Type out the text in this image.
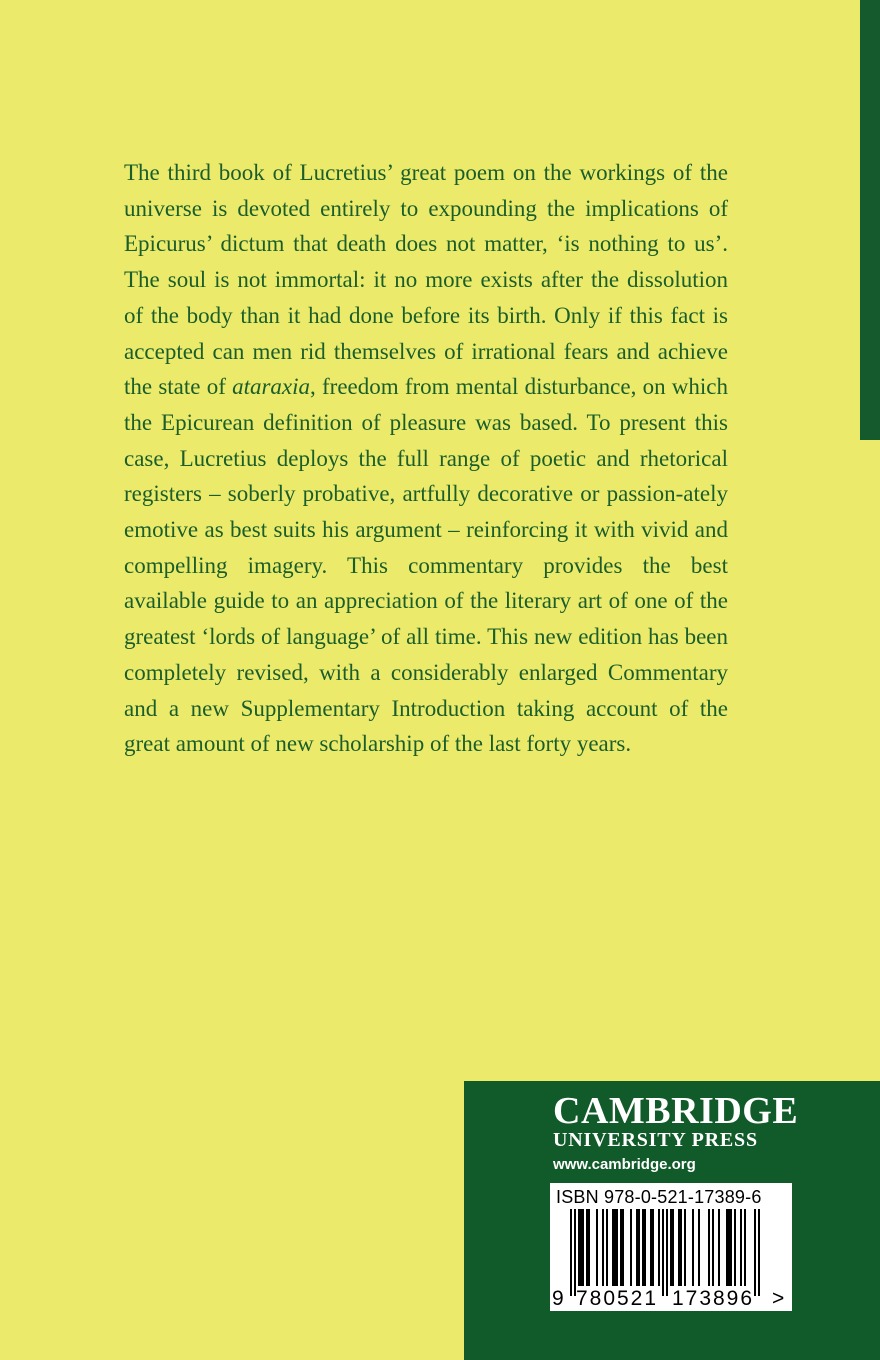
The third book of Lucretius’ great poem on the workings of the universe is devoted entirely to expounding the implications of Epicurus’ dictum that death does not matter, ‘is nothing to us’. The soul is not immortal: it no more exists after the dissolution of the body than it had done before its birth. Only if this fact is accepted can men rid themselves of irrational fears and achieve the state of ataraxia, freedom from mental disturbance, on which the Epicurean definition of pleasure was based. To present this case, Lucretius deploys the full range of poetic and rhetorical registers – soberly probative, artfully decorative or passion-ately emotive as best suits his argument – reinforcing it with vivid and compelling imagery. This commentary provides the best available guide to an appreciation of the literary art of one of the greatest ‘lords of language’ of all time. This new edition has been completely revised, with a considerably enlarged Commentary and a new Supplementary Introduction taking account of the great amount of new scholarship of the last forty years.

CAMBRIDGE
UNIVERSITY PRESS
www.cambridge.org
ISBN 978-0-521-17389-6
9 780521 173896 >
